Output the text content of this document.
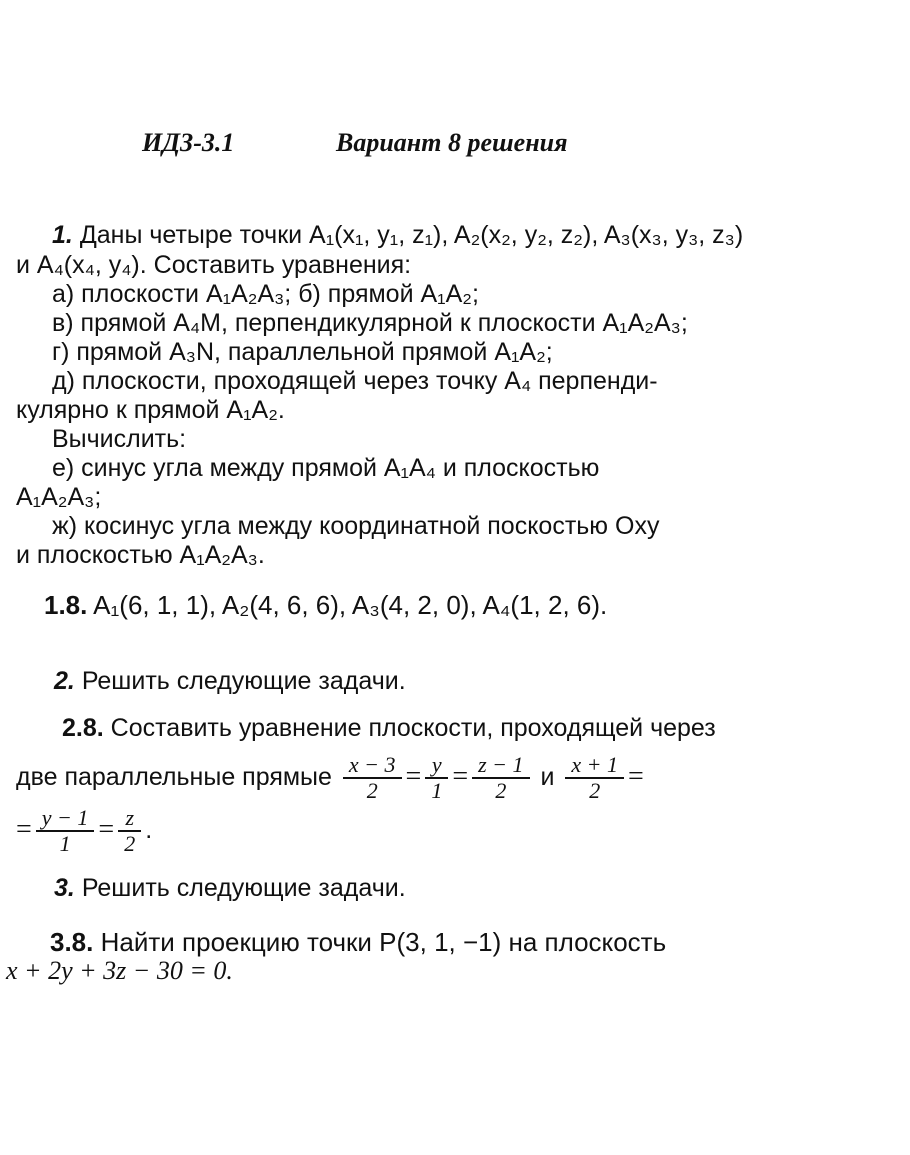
ИДЗ-3.1	Вариант 8 решения
1. Даны четыре точки A₁(x₁, y₁, z₁), A₂(x₂, y₂, z₂), A₃(x₃, y₃, z₃)
и A₄(x₄, y₄). Составить уравнения:
а) плоскости A₁A₂A₃; б) прямой A₁A₂;
в) прямой A₄M, перпендикулярной к плоскости A₁A₂A₃;
г) прямой A₃N, параллельной прямой A₁A₂;
д) плоскости, проходящей через точку A₄ перпенди-
кулярно к прямой A₁A₂.
Вычислить:
е) синус угла между прямой A₁A₄ и плоскостью
A₁A₂A₃;
ж) косинус угла между координатной поскостью Oxy
и плоскостью A₁A₂A₃.
1.8. A₁(6, 1, 1), A₂(4, 6, 6), A₃(4, 2, 0), A₄(1, 2, 6).
2. Решить следующие задачи.
2.8. Составить уравнение плоскости, проходящей через
две параллельные прямые $\frac{x - 3}{2} = \frac{y}{1} = \frac{z - 1}{2}$ и $\frac{x + 1}{2}$ =
= $\frac{y - 1}{1} = \frac{z}{2}$ .
3. Решить следующие задачи.
3.8. Найти проекцию точки P(3, 1, −1) на плоскость
x + 2y + 3z − 30 = 0.
